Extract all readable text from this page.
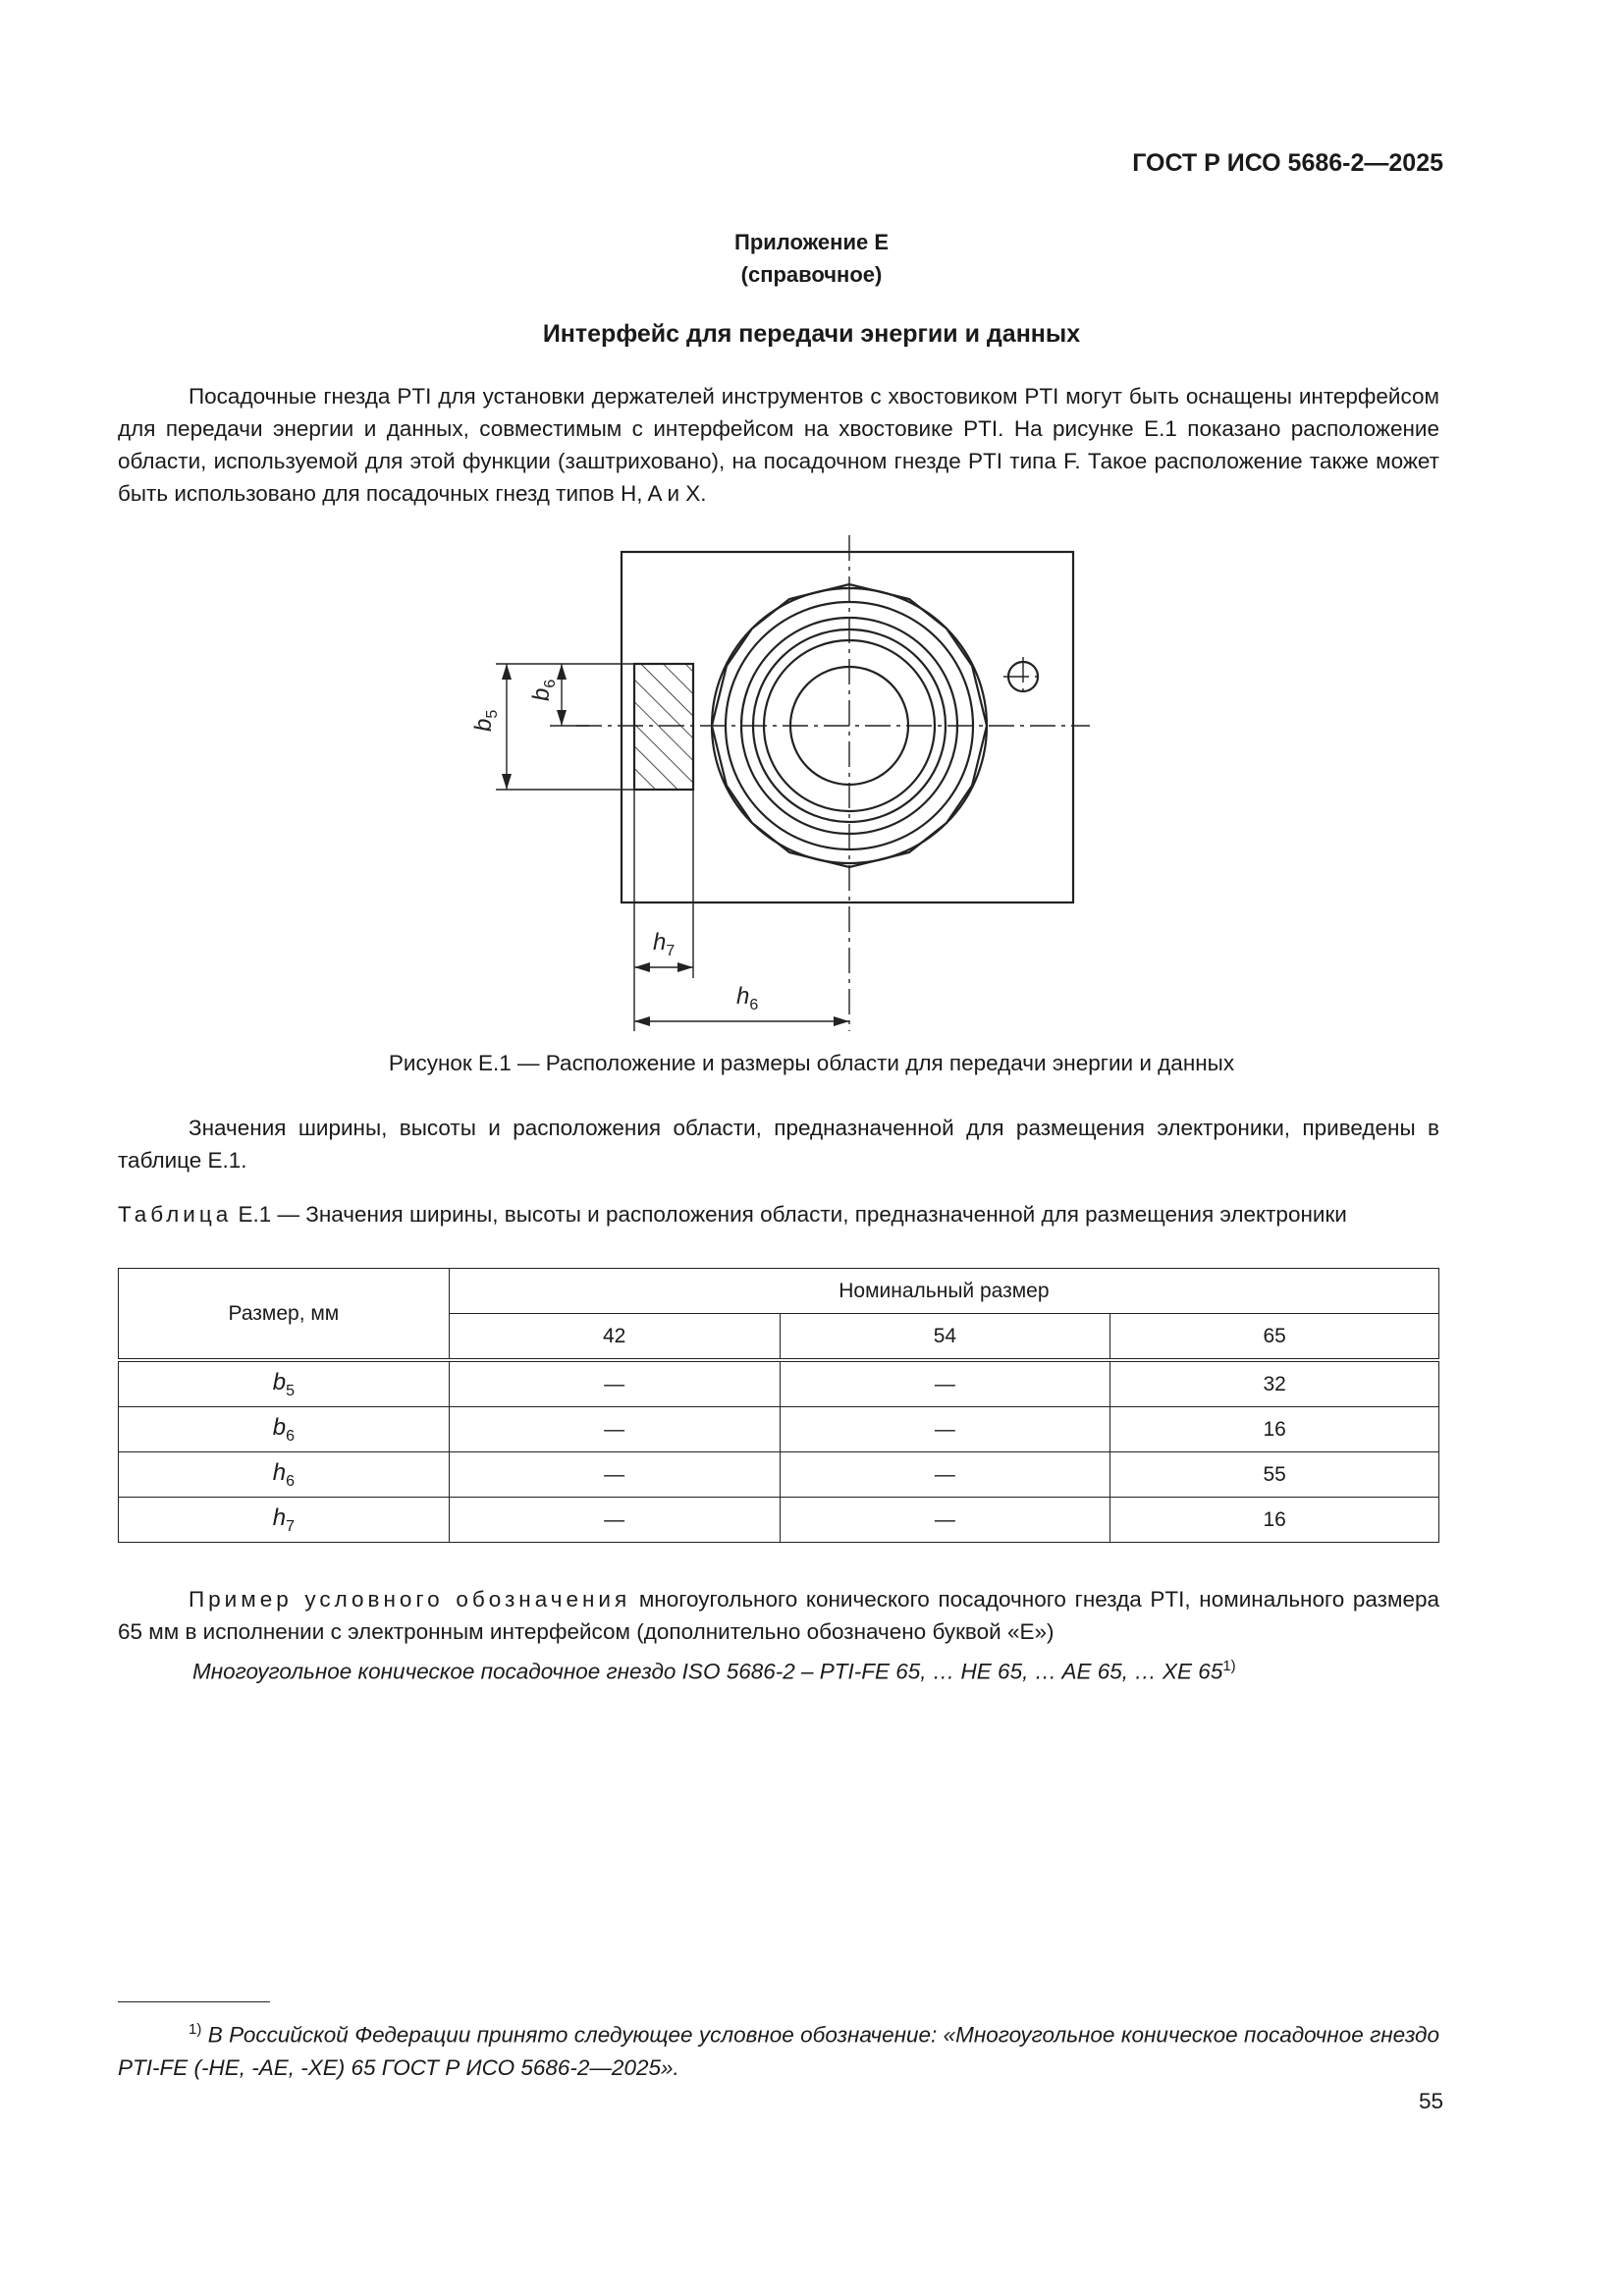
ГОСТ Р ИСО 5686-2—2025
Приложение Е
(справочное)
Интерфейс для передачи энергии и данных

Посадочные гнезда PTI для установки держателей инструментов с хвостовиком PTI могут быть оснащены интерфейсом для передачи энергии и данных, совместимым с интерфейсом на хвостовике PTI. На рисунке Е.1 показано расположение области, используемой для этой функции (заштриховано), на посадочном гнезде PTI типа F. Такое расположение также может быть использовано для посадочных гнезд типов H, A и X.

$b_5$
$b_6$
$h_7$
$h_6$
Рисунок Е.1 — Расположение и размеры области для передачи энергии и данных

Значения ширины, высоты и расположения области, предназначенной для размещения электроники, приведены в таблице Е.1.

Таблица Е.1 — Значения ширины, высоты и расположения области, предназначенной для размещения электроники
Размер, мм	Номинальный размер		
	42	54	65
$b_5$	—	—	32
$b_6$	—	—	16
$h_6$	—	—	55
$h_7$	—	—	16

Пример условного обозначения многоугольного конического посадочного гнезда PTI, номинального размера 65 мм в исполнении с электронным интерфейсом (дополнительно обозначено буквой «E»)

Многоугольное коническое посадочное гнездо ISO 5686-2 – PTI-FE 65, … HE 65, … AE 65, … XE 65$^{1)}$
$^{1)}$ В Российской Федерации принято следующее условное обозначение: «Многоугольное коническое посадочное гнездо PTI-FE (-HE, -AE, -XE) 65 ГОСТ Р ИСО 5686-2—2025».
55
